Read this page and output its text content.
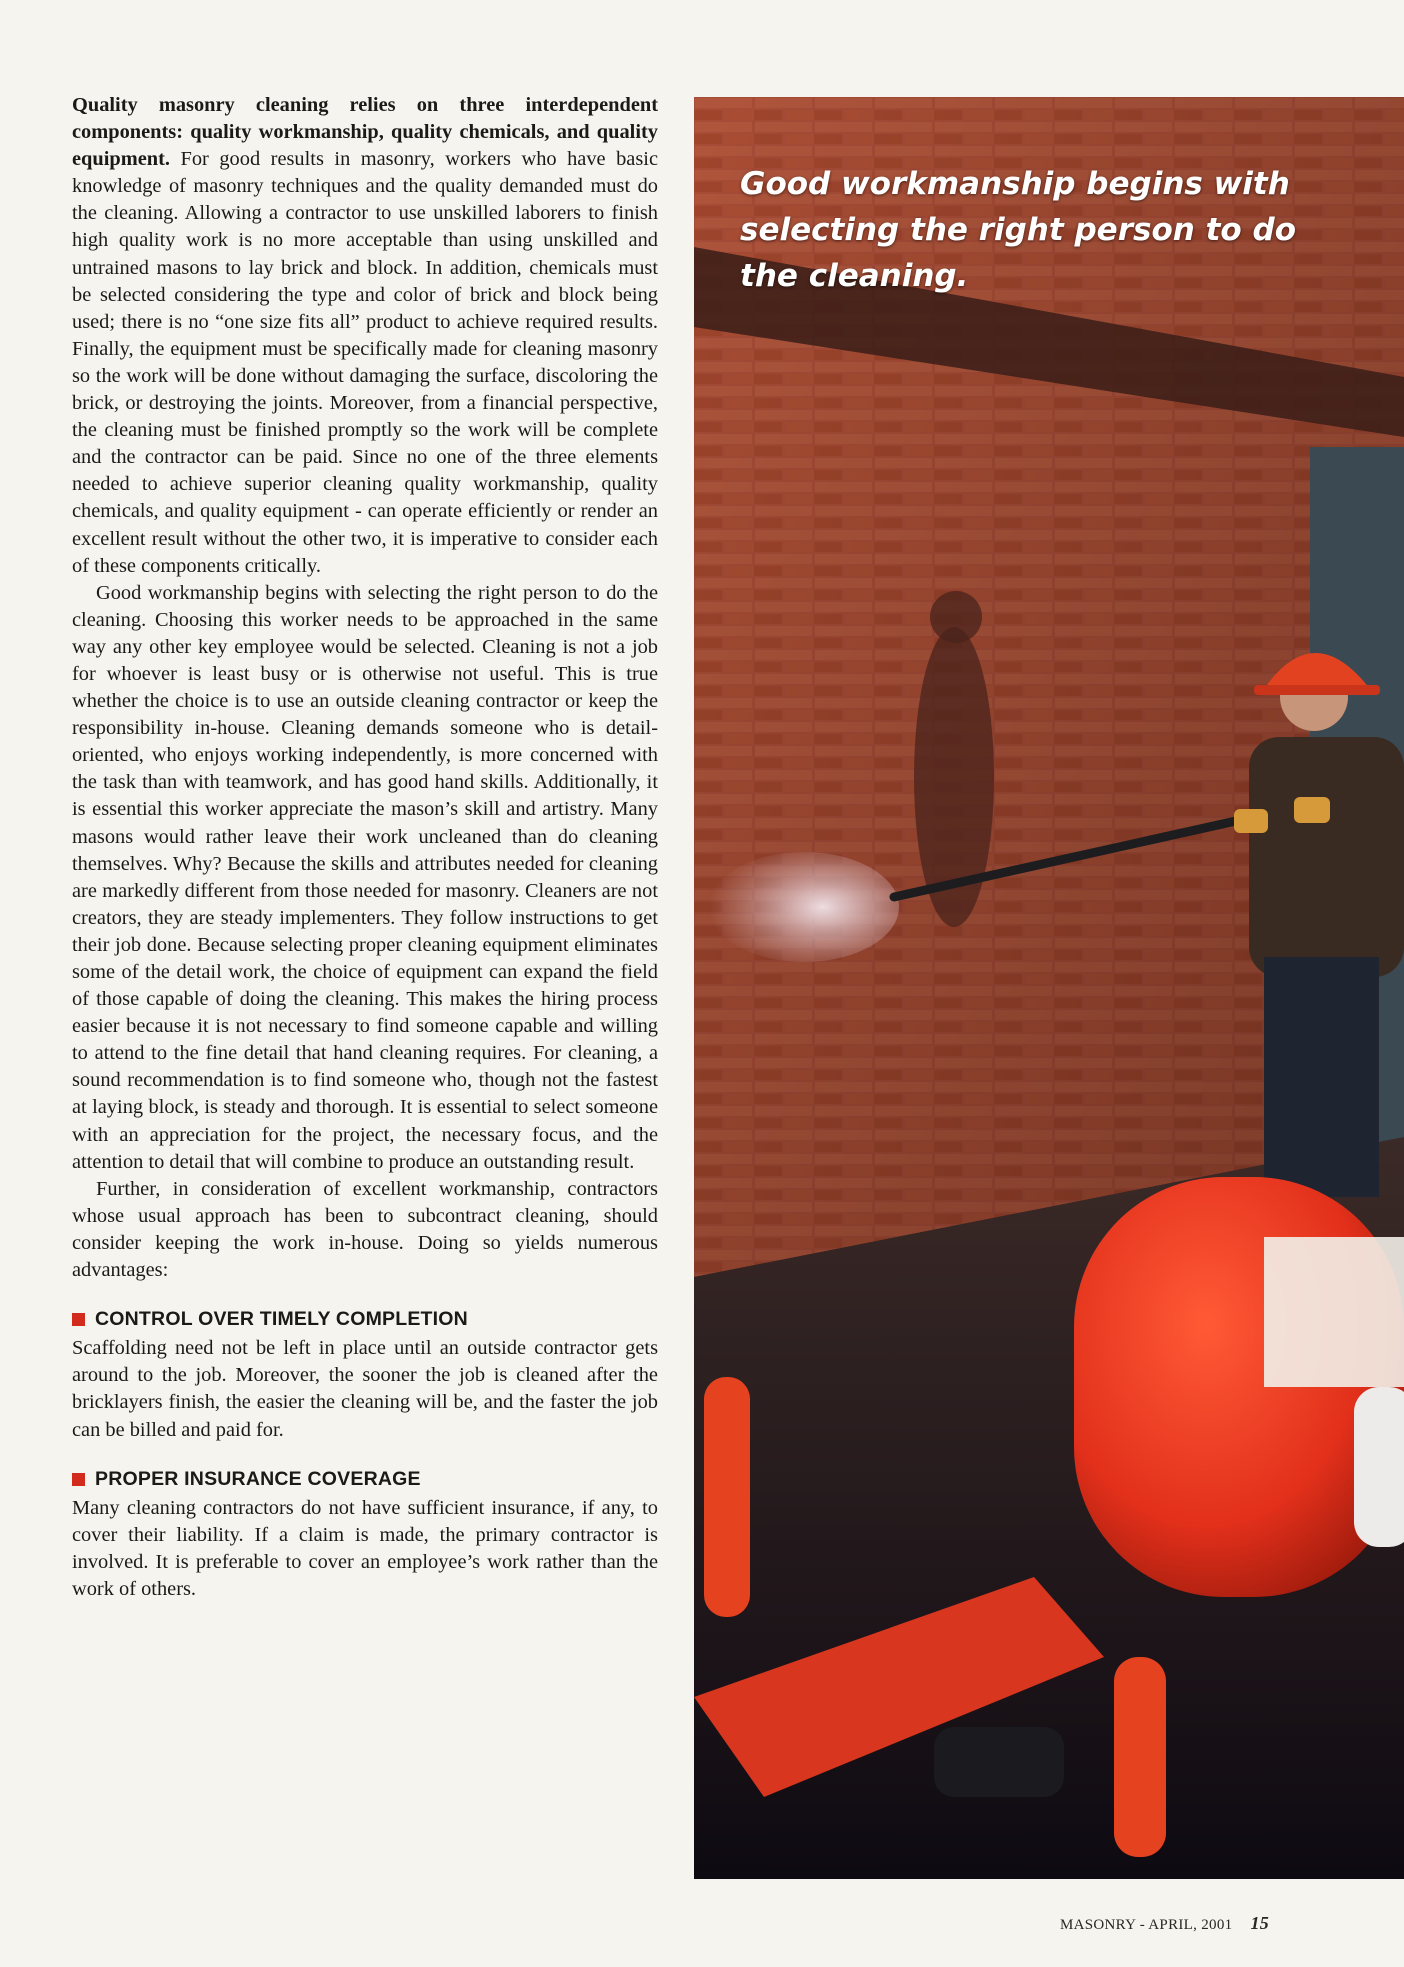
Quality masonry cleaning relies on three interdependent components: quality workmanship, quality chemicals, and quality equipment. For good results in masonry, workers who have basic knowledge of masonry techniques and the quality demanded must do the cleaning. Allowing a contractor to use unskilled laborers to finish high quality work is no more acceptable than using unskilled and untrained masons to lay brick and block. In addition, chemicals must be selected considering the type and color of brick and block being used; there is no “one size fits all” product to achieve required results. Finally, the equipment must be specifically made for cleaning masonry so the work will be done without damaging the surface, discoloring the brick, or destroying the joints. Moreover, from a financial perspective, the cleaning must be finished promptly so the work will be complete and the contractor can be paid. Since no one of the three elements needed to achieve superior cleaning quality workmanship, quality chemicals, and quality equipment - can operate efficiently or render an excellent result without the other two, it is imperative to consider each of these components critically.

Good workmanship begins with selecting the right person to do the cleaning. Choosing this worker needs to be approached in the same way any other key employee would be selected. Cleaning is not a job for whoever is least busy or is otherwise not useful. This is true whether the choice is to use an outside cleaning contractor or keep the responsibility in-house. Cleaning demands someone who is detail-oriented, who enjoys working independently, is more concerned with the task than with teamwork, and has good hand skills. Additionally, it is essential this worker appreciate the mason’s skill and artistry. Many masons would rather leave their work uncleaned than do cleaning themselves. Why? Because the skills and attributes needed for cleaning are markedly different from those needed for masonry. Cleaners are not creators, they are steady implementers. They follow instructions to get their job done. Because selecting proper cleaning equipment eliminates some of the detail work, the choice of equipment can expand the field of those capable of doing the cleaning. This makes the hiring process easier because it is not necessary to find someone capable and willing to attend to the fine detail that hand cleaning requires. For cleaning, a sound recommendation is to find someone who, though not the fastest at laying block, is steady and thorough. It is essential to select someone with an appreciation for the project, the necessary focus, and the attention to detail that will combine to produce an outstanding result.

Further, in consideration of excellent workmanship, contractors whose usual approach has been to subcontract cleaning, should consider keeping the work in-house. Doing so yields numerous advantages:

CONTROL OVER TIMELY COMPLETION

Scaffolding need not be left in place until an outside contractor gets around to the job. Moreover, the sooner the job is cleaned after the bricklayers finish, the easier the cleaning will be, and the faster the job can be billed and paid for.

PROPER INSURANCE COVERAGE

Many cleaning contractors do not have sufficient insurance, if any, to cover their liability. If a claim is made, the primary contractor is involved. It is preferable to cover an employee’s work rather than the work of others.

Good workmanship begins with selecting the right person to do the cleaning.
MASONRY - APRIL, 2001 15
